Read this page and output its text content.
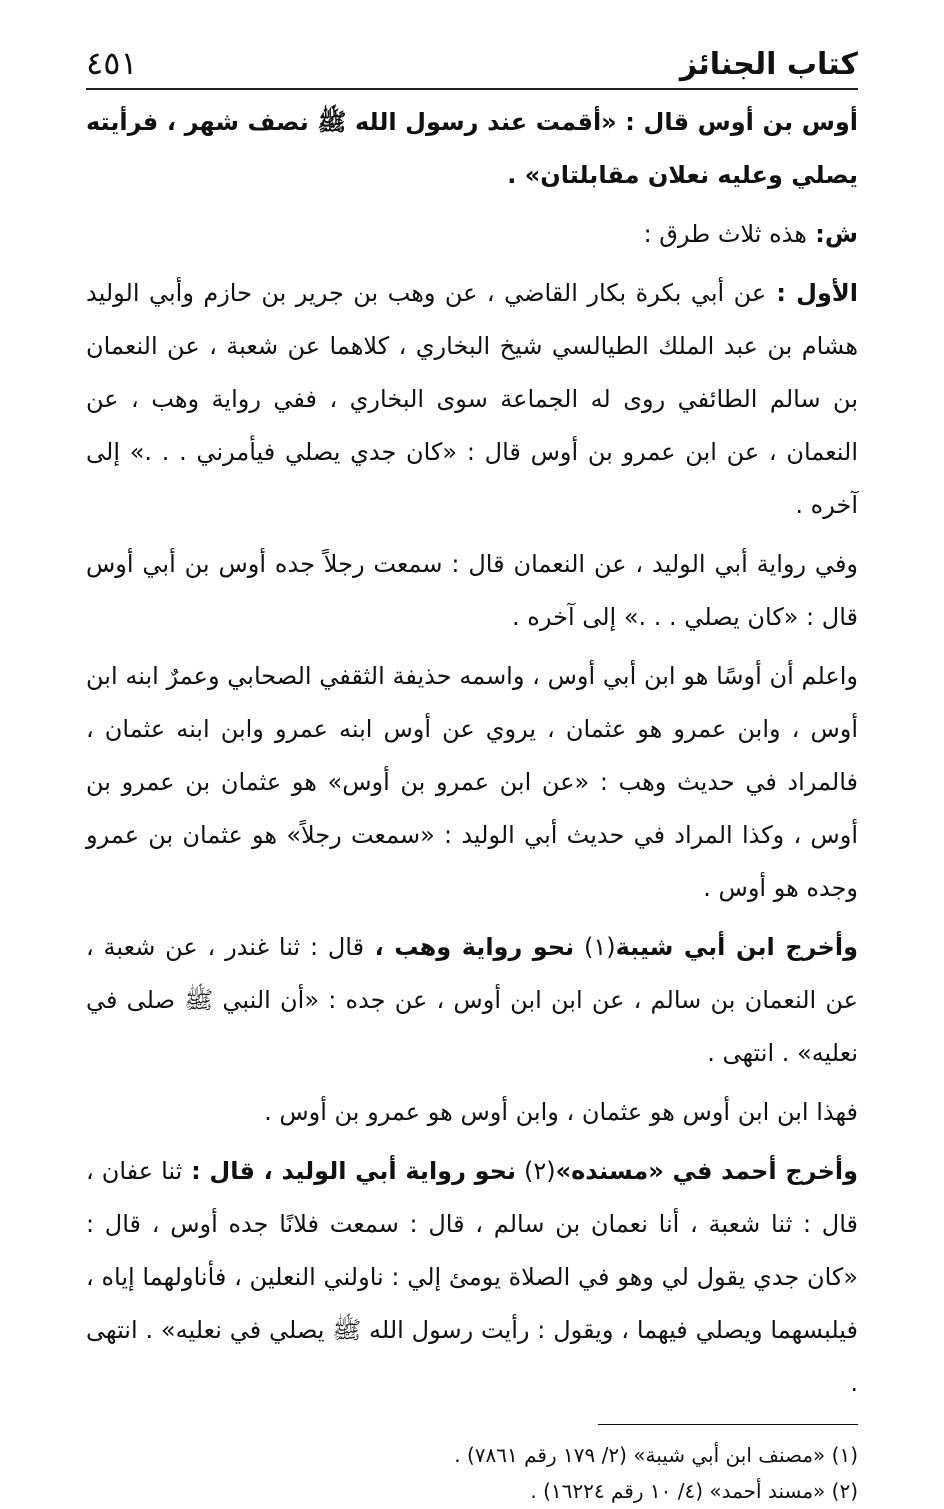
كتاب الجنائز
٤٥١

أوس بن أوس قال : «أقمت عند رسول الله ﷺ نصف شهر ، فرأيته يصلي وعليه نعلان مقابلتان» .

ش: هذه ثلاث طرق :

الأول : عن أبي بكرة بكار القاضي ، عن وهب بن جرير بن حازم وأبي الوليد هشام بن عبد الملك الطيالسي شيخ البخاري ، كلاهما عن شعبة ، عن النعمان بن سالم الطائفي روى له الجماعة سوى البخاري ، ففي رواية وهب ، عن النعمان ، عن ابن عمرو بن أوس قال : «كان جدي يصلي فيأمرني . . .» إلى آخره .

وفي رواية أبي الوليد ، عن النعمان قال : سمعت رجلاً جده أوس بن أبي أوس قال : «كان يصلي . . .» إلى آخره .

واعلم أن أوسًا هو ابن أبي أوس ، واسمه حذيفة الثقفي الصحابي وعمرٌ ابنه ابن أوس ، وابن عمرو هو عثمان ، يروي عن أوس ابنه عمرو وابن ابنه عثمان ، فالمراد في حديث وهب : «عن ابن عمرو بن أوس» هو عثمان بن عمرو بن أوس ، وكذا المراد في حديث أبي الوليد : «سمعت رجلاً» هو عثمان بن عمرو وجده هو أوس .

وأخرج ابن أبي شيبة(١) نحو رواية وهب ، قال : ثنا غندر ، عن شعبة ، عن النعمان بن سالم ، عن ابن ابن أوس ، عن جده : «أن النبي ﷺ صلى في نعليه» . انتهى .

فهذا ابن ابن أوس هو عثمان ، وابن أوس هو عمرو بن أوس .

وأخرج أحمد في «مسنده»(٢) نحو رواية أبي الوليد ، قال : ثنا عفان ، قال : ثنا شعبة ، أنا نعمان بن سالم ، قال : سمعت فلانًا جده أوس ، قال : «كان جدي يقول لي وهو في الصلاة يومئ إلي : ناولني النعلين ، فأناولهما إياه ، فيلبسهما ويصلي فيهما ، ويقول : رأيت رسول الله ﷺ يصلي في نعليه» . انتهى .

(١) «مصنف ابن أبي شيبة» (٢/ ١٧٩ رقم ٧٨٦١) .

(٢) «مسند أحمد» (٤/ ١٠ رقم ١٦٢٢٤) .
